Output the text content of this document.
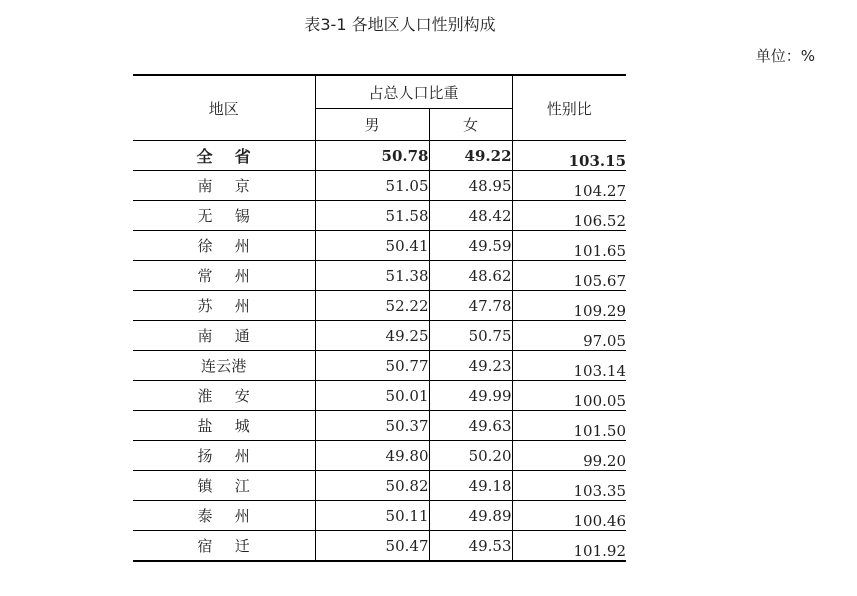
表3-1 各地区人口性别构成
单位：%
地区	占总人口比重		性别比
	男	女	
全 省	50.78	49.22	103.15
南 京	51.05	48.95	104.27
无 锡	51.58	48.42	106.52
徐 州	50.41	49.59	101.65
常 州	51.38	48.62	105.67
苏 州	52.22	47.78	109.29
南 通	49.25	50.75	97.05
连云港	50.77	49.23	103.14
淮 安	50.01	49.99	100.05
盐 城	50.37	49.63	101.50
扬 州	49.80	50.20	99.20
镇 江	50.82	49.18	103.35
泰 州	50.11	49.89	100.46
宿 迁	50.47	49.53	101.92
